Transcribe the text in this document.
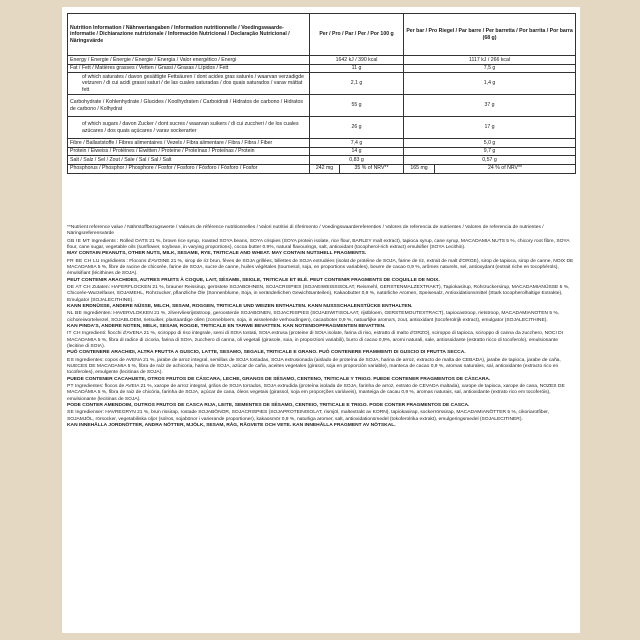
Nutrition Information / Nährwertangaben / Information nutritionnelle / Voedingswaarde-informatie / Dichiarazione nutrizionale / Información Nutricional / Declaração Nutricional / Näringsvärde	Per / Pro / Par / Per / Por 100 g		Per bar / Pro Riegel / Par barre / Per barretta / Por barrita / Por barra (68 g)	
Energy / Energie / Énergie / Energie / Energia / Valor energético / Energi	1642 kJ / 390 kcal		1117 kJ / 266 kcal	
Fat / Fett / Matières grasses / Vetten / Grassi / Grasas / Lípidos / Fett	11 g		7,5 g	
of which saturates / davon gesättigte Fettsäuren / dont acides gras saturés / waarvan verzadigde vetzuren / di cui acidi grassi saturi / de las cuales saturadas / dos quais saturados / varav mättat fett	2,1 g		1,4 g	
Carbohydrate / Kohlenhydrate / Glucides / Koolhydraten / Carboidrati / Hidratos de carbono / Hidratos de carbono / Kolhydrat	55 g		37 g	
of which sugars / davon Zucker / dont sucres / waarvan suikers / di cui zuccheri / de los cuales azúcares / dos quais açúcares / varav sockerarter	26 g		17 g	
Fibre / Ballaststoffe / Fibres alimentaires / Vezels / Fibra alimentare / Fibra / Fibra / Fiber	7,4 g		5,0 g	
Protein / Eiweiss / Protéines / Eiwitten / Proteine / Proteínas / Proteínas / Protein	14 g		9,7 g	
Salt / Salz / Sel / Zout / Sale / Sal / Sal / Salt	0,83 g		0,57 g	
Phosphorus / Phosphor / Phosphore / Fosfor / Fosforo / Fósforo / Fósforo / Fosfor	242 mg	35 % of NRV**	165 mg	24 % of NRV**

**Nutrient reference value / Nährstoffbezugswerte / Valeurs de référence nutritionnelles / Valori nutritivi di riferimento / Voedingswaardereferenties / Valores de referencia de nutrientes / Valores de referencia de nutrientes / Näringsreferensvärde

GB IE MT Ingredients : Rolled OATS 21 %, brown rice syrup, roasted SOYA beans, SOYA crispies (SOYA protein isolate, rice flour, BARLEY malt extract), tapioca syrup, cane syrup, MACADAMIA NUTS 5 %, chicory root fibre, SOYA flour, cane sugar, vegetable oils (sunflower, soybean, in varying proportions), cocoa butter 0.9%, natural flavourings, salt, antioxidant (tocopherol-rich extract) emulsifier (SOYA Lecithin).
MAY CONTAIN PEANUTS, OTHER NUTS, MILK, SESAME, RYE, TRITICALE AND WHEAT. MAY CONTAIN NUTSHELL FRAGMENTS.

FR BE CH LU Ingrédients : Flocons d'AVOINE 21 %, sirop de riz brun, fèves de SOJA grillées, billettes de SOJA extrudées (isolat de protéine de SOJA, farine de riz, extrait de malt d'ORGE), sirop de tapioca, sirop de canne, NOIX DE MACADAMIA 5 %, fibre de racine de chicorée, farine de SOJA, sucre de canne, huiles végétales (tournesol, soja, en proportions variables), beurre de cacao 0,9 %, arômes naturels, sel, antioxydant (extrait riche en tocophérols), émulsifiant (lécithines de SOJA).
PEUT CONTENIR ARACHIDES, AUTRES FRUITS À COQUE, LAIT, SÉSAME, SEIGLE, TRITICALE ET BLÉ. PEUT CONTENIR FRAGMENTS DE COQUILLE DE NOIX.

DE AT CH Zutaten: HAFERFLOCKEN 21 %, brauner Reissirup, geröstete SOJABOHNEN, SOJACRISPIES (SOJAEIWEISSISOLAT, Reismehl, GERSTENMALZEXTRAKT), Tapiokasirup, Rohrzuckersirup, MACADAMIANÜSSE 5 %, Chicorée-Wurzelfaser, SOJAMEHL, Rohrzucker, pflanzliche Öle (Sonnenblume, Soja, in veränderlichen Gewichtsanteilen), Kakaobutter 0,9 %, natürliche Aromen, Speisesalz, Antioxidationsmittel (Stark tocopherolhaltige Extrakte), Emulgator (SOJALECITHINE).
KANN ERDNÜSSE, ANDERE NÜSSE, MILCH, SESAM, ROGGEN, TRITICALE UND WEIZEN ENTHALTEN. KANN NUSSSCHALENSTÜCKE ENTHALTEN.

NL BE Ingrediënten: HAVERVLOKKEN 21 %, zilvervliesrijststroop, geroosterde SOJABONEN, SOJACRISPIES (SOJAEIWITISOLAAT, rijstbloem, GERSTEMOUTEXTRACT), tapiocastroop, rietstroop, MACADAMIANOTEN 5 %, cichoreiwortelvezel, SOJABLOEM, rietsuiker, plantaardige oliën (zonnebloem, soja, in wisselende verhoudingen), cacaoboter 0,9 %, natuurlijke aroma's, zout, antioxidant (tocoferolrijk extract), emulgator (SOJALECITHINE).
KAN PINDA'S, ANDERE NOTEN, MELK, SESAM, ROGGE, TRITICALE EN TARWE BEVATTEN. KAN NOTENDOPFRAGMENTEN BEVATTEN.

IT CH Ingredienti: fiocchi d'AVENA 21 %, sciroppo di riso integrale, semi di SOIA tostati, SOIA estrusa (proteine di SOIA isolate, farina di riso, estratto di malto d'ORZO), sciroppo di tapioca, sciroppo di canna da zucchero, NOCI DI MACADAMIA 5 %, fibra di radice di cicoria, farina di SOIA, zucchero di canna, oli vegetali (girasole, soia, in proporzioni variabili), burro di cacao 0,9%, aromi naturali, sale, antiossidante (estratto ricco di tocoferolo), emulsionante (lecitine di SOIA).
PUÒ CONTENERE ARACHIDI, ALTRA FRUTTA A GUSCIO, LATTE, SESAMO, SEGALE, TRITICALE E GRANO. PUÒ CONTENERE FRAMMENTI DI GUSCIO DI FRUTTA SECCA.

ES Ingredientes: copos de AVENA 21 %, jarabe de arroz integral, semillas de SOJA tostadas, SOJA extrusionada (aislado de proteína de SOJA, harina de arroz, extracto de malta de CEBADA), jarabe de tapioca, jarabe de caña, NUECES DE MACADAMIA 5 %, fibra de raíz de achicoria, harina de SOJA, azúcar de caña, aceites vegetales (girasol, soja en proporción variable), manteca de cacao 0,9 %, aromas naturales, sal, antioxidante (extracto rico en tocoferoles), emulgente (lecitinas de SOJA).
PUEDE CONTENER CACAHUETE, OTROS FRUTOS DE CÁSCARA, LECHE, GRANOS DE SÉSAMO, CENTENO, TRITICALE Y TRIGO. PUEDE CONTENER FRAGMENTOS DE CÁSCARA.

PT Ingredientes: flocos de AVEIA 21 %, xarope de arroz integral, grãos de SOJA torrados, SOJA extrudida (proteína isolada de SOJA, farinha de arroz, extrato de CEVADA maltada), xarope de tapioca, xarope de cana, NOZES DE MACADÂMIA 5 %, fibra de raiz de chicória, farinha de SOJA, açúcar de cana, óleos vegetais (girassol, soja em proporções variáveis), manteiga de cacau 0,9 %, aromas naturais, sal, antioxidante (extrato rico em tocoferóis), emulsionante (lecitinas de SOJA).
PODE CONTER AMENDOIM, OUTROS FRUTOS DE CASCA RIJA, LEITE, SEMENTES DE SÉSAMO, CENTEIO, TRITICALE E TRIGO. PODE CONTER FRAGMENTOS DE CASCA.

SE Ingredienser: HAVREGRYN 21 %, brun rissirap, rostade SOJABÖNOR, SOJACRISPIES (SOJAPROTEINISOLAT, rismjöl, maltextrakt av KORN), tapiokasirap, sockerrörssirap, MACADAMIANÖTTER 5 %, cikoriarotfiber, SOJAMJÖL, rörsocker, vegetabiliska oljor (solros, sojabönor i varierande proportioner), kakaosmör 0,9 %, naturliga aromer, salt, antioxidationsmedel (tokoferolrika extrakt), emulgeringsmedel (SOJALECITINER).
KAN INNEHÅLLA JORDNÖTTER, ANDRA NÖTTER, MJÖLK, SESAM, RÅG, RÅGVETE OCH VETE. KAN INNEHÅLLA FRAGMENT AV NÖTSKAL.
